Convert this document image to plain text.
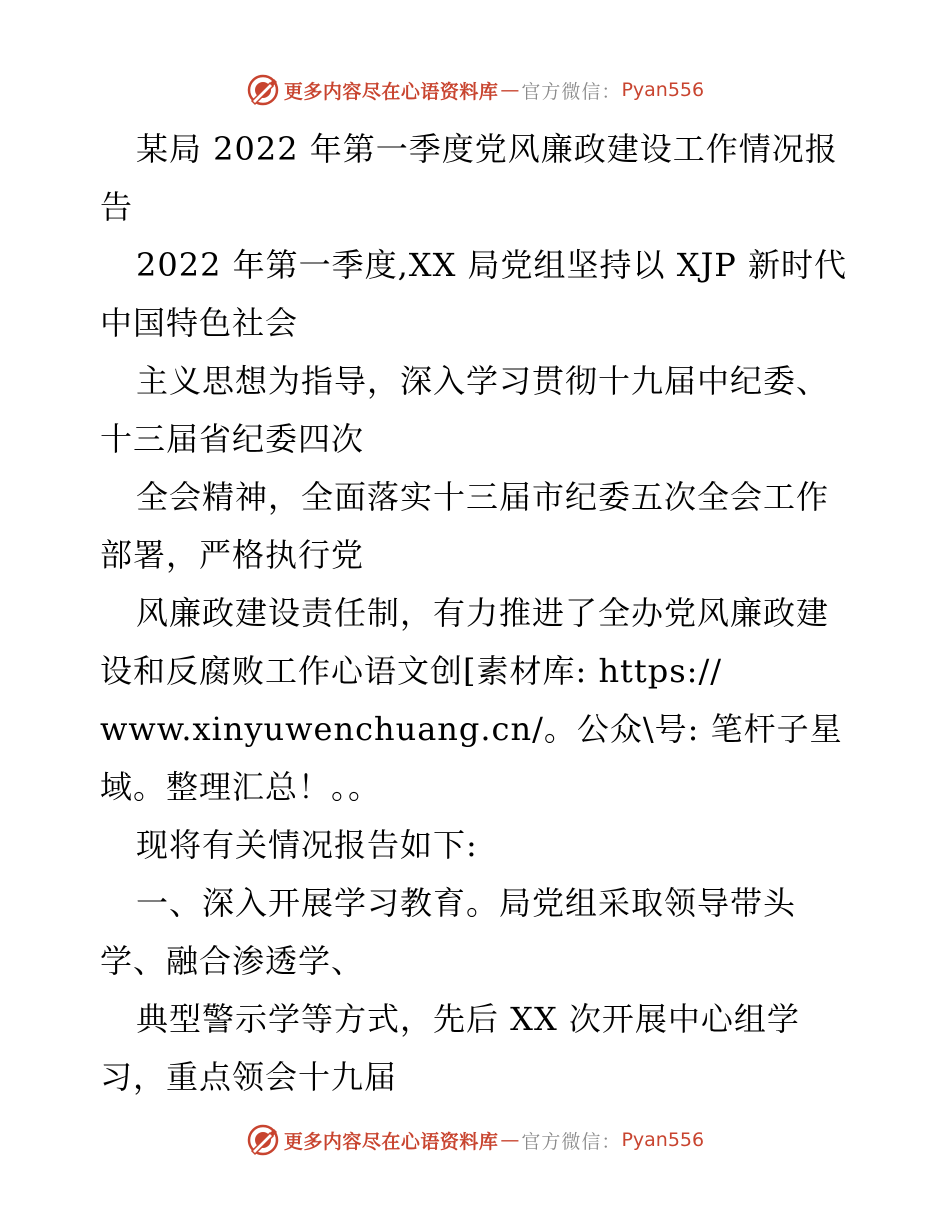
更多内容尽在心语资料库 — 官方微信： Pyan556
某局 2022 年第一季度党风廉政建设工作情况报
告
2022 年第一季度,XX 局党组坚持以 XJP 新时代
中国特色社会
主义思想为指导，深入学习贯彻十九届中纪委、
十三届省纪委四次
全会精神，全面落实十三届市纪委五次全会工作
部署，严格执行党
风廉政建设责任制，有力推进了全办党风廉政建
设和反腐败工作心语文创[素材库: https://
www.xinyuwenchuang.cn/。公众\号: 笔杆子星
域。整理汇总！。。
现将有关情况报告如下:
一、深入开展学习教育。局党组采取领导带头
学、融合渗透学、
典型警示学等方式，先后 XX 次开展中心组学
习，重点领会十九届
更多内容尽在心语资料库 — 官方微信： Pyan556
